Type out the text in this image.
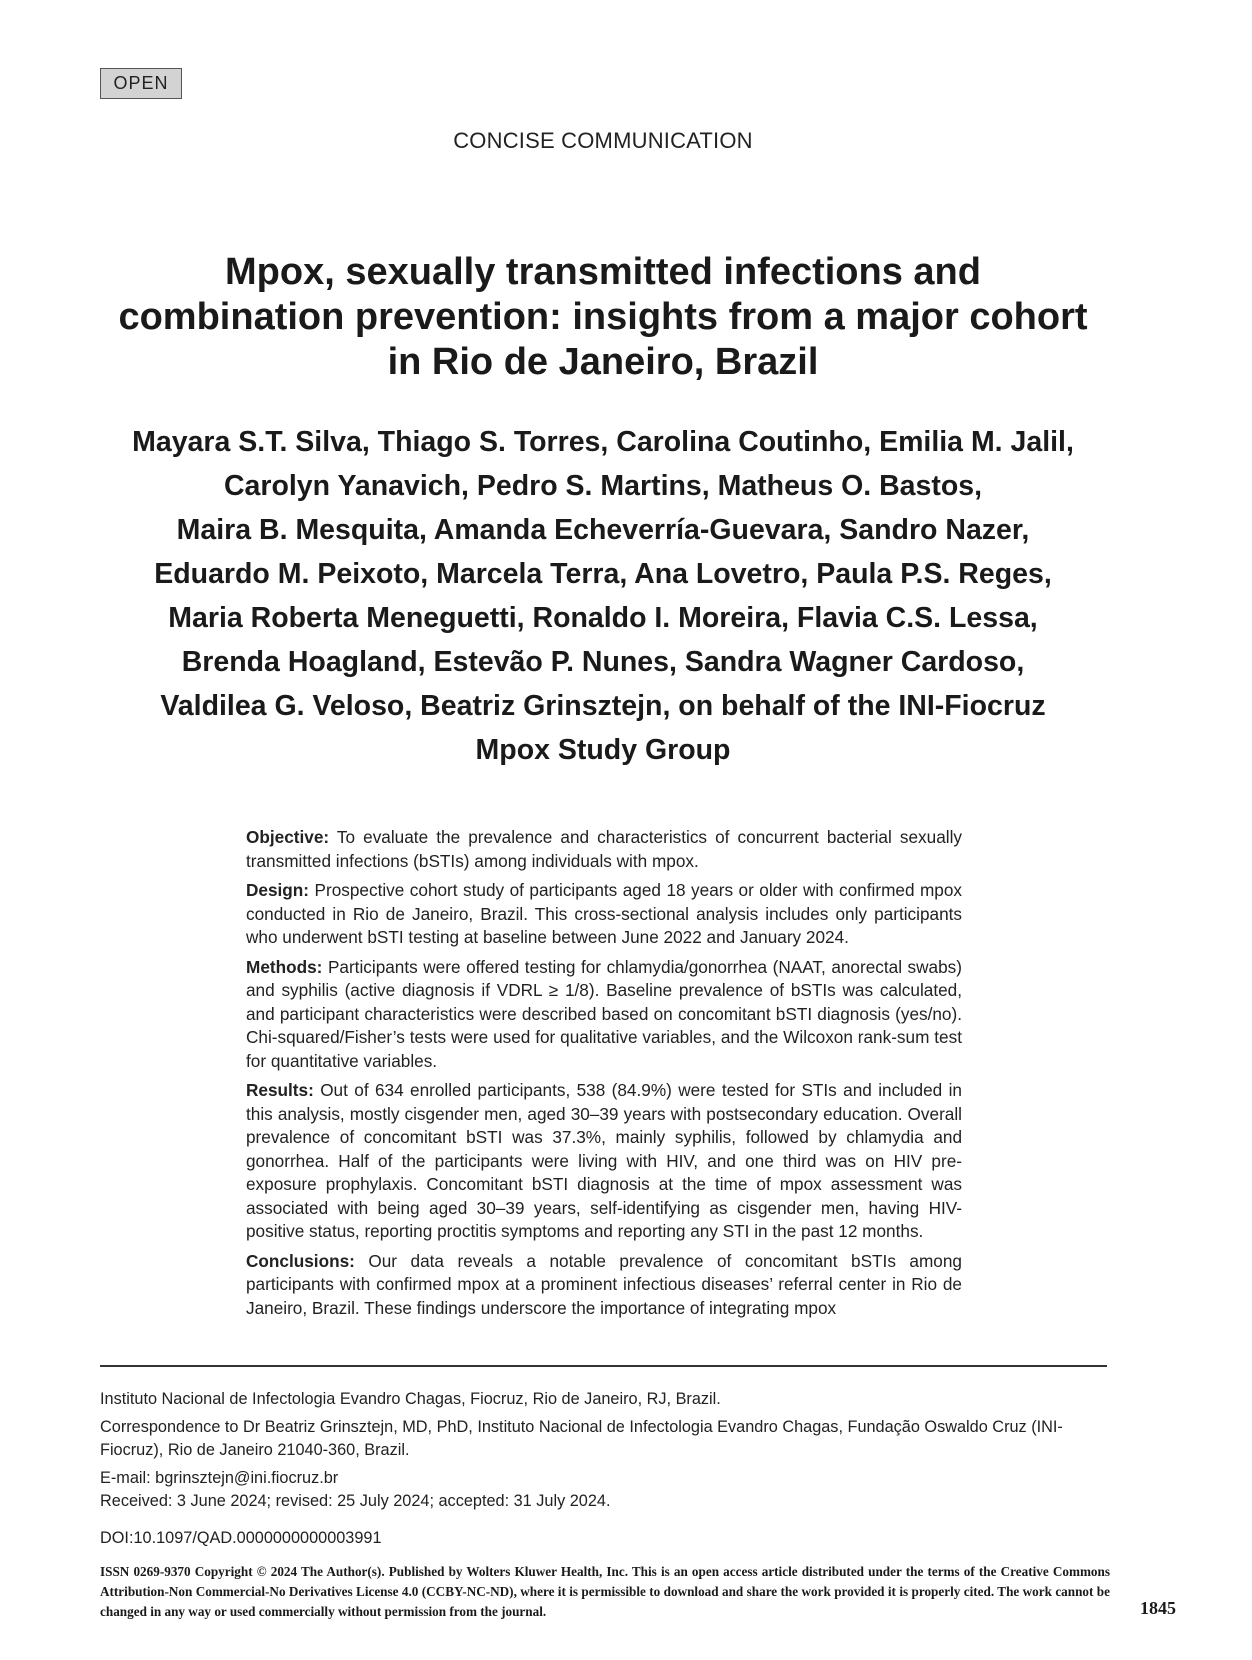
OPEN
CONCISE COMMUNICATION
Mpox, sexually transmitted infections and
combination prevention: insights from a major cohort
in Rio de Janeiro, Brazil
Mayara S.T. Silva, Thiago S. Torres, Carolina Coutinho, Emilia M. Jalil,
Carolyn Yanavich, Pedro S. Martins, Matheus O. Bastos,
Maira B. Mesquita, Amanda Echeverría-Guevara, Sandro Nazer,
Eduardo M. Peixoto, Marcela Terra, Ana Lovetro, Paula P.S. Reges,
Maria Roberta Meneguetti, Ronaldo I. Moreira, Flavia C.S. Lessa,
Brenda Hoagland, Estevão P. Nunes, Sandra Wagner Cardoso,
Valdilea G. Veloso, Beatriz Grinsztejn, on behalf of the INI-Fiocruz
Mpox Study Group

Objective: To evaluate the prevalence and characteristics of concurrent bacterial sexually transmitted infections (bSTIs) among individuals with mpox.

Design: Prospective cohort study of participants aged 18 years or older with confirmed mpox conducted in Rio de Janeiro, Brazil. This cross-sectional analysis includes only participants who underwent bSTI testing at baseline between June 2022 and January 2024.

Methods: Participants were offered testing for chlamydia/gonorrhea (NAAT, anorectal swabs) and syphilis (active diagnosis if VDRL ≥ 1/8). Baseline prevalence of bSTIs was calculated, and participant characteristics were described based on concomitant bSTI diagnosis (yes/no). Chi-squared/Fisher’s tests were used for qualitative variables, and the Wilcoxon rank-sum test for quantitative variables.

Results: Out of 634 enrolled participants, 538 (84.9%) were tested for STIs and included in this analysis, mostly cisgender men, aged 30–39 years with postsecondary education. Overall prevalence of concomitant bSTI was 37.3%, mainly syphilis, followed by chlamydia and gonorrhea. Half of the participants were living with HIV, and one third was on HIV pre-exposure prophylaxis. Concomitant bSTI diagnosis at the time of mpox assessment was associated with being aged 30–39 years, self-identifying as cisgender men, having HIV-positive status, reporting proctitis symptoms and reporting any STI in the past 12 months.

Conclusions: Our data reveals a notable prevalence of concomitant bSTIs among participants with confirmed mpox at a prominent infectious diseases’ referral center in Rio de Janeiro, Brazil. These findings underscore the importance of integrating mpox

Instituto Nacional de Infectologia Evandro Chagas, Fiocruz, Rio de Janeiro, RJ, Brazil.
Correspondence to Dr Beatriz Grinsztejn, MD, PhD, Instituto Nacional de Infectologia Evandro Chagas, Fundação Oswaldo Cruz (INI-Fiocruz), Rio de Janeiro 21040-360, Brazil.
E-mail: bgrinsztejn@ini.fiocruz.br
Received: 3 June 2024; revised: 25 July 2024; accepted: 31 July 2024.
DOI:10.1097/QAD.0000000000003991
ISSN 0269-9370 Copyright © 2024 The Author(s). Published by Wolters Kluwer Health, Inc. This is an open access article distributed under the terms of the Creative Commons Attribution-Non Commercial-No Derivatives License 4.0 (CCBY-NC-ND), where it is permissible to download and share the work provided it is properly cited. The work cannot be changed in any way or used commercially without permission from the journal.	1845
